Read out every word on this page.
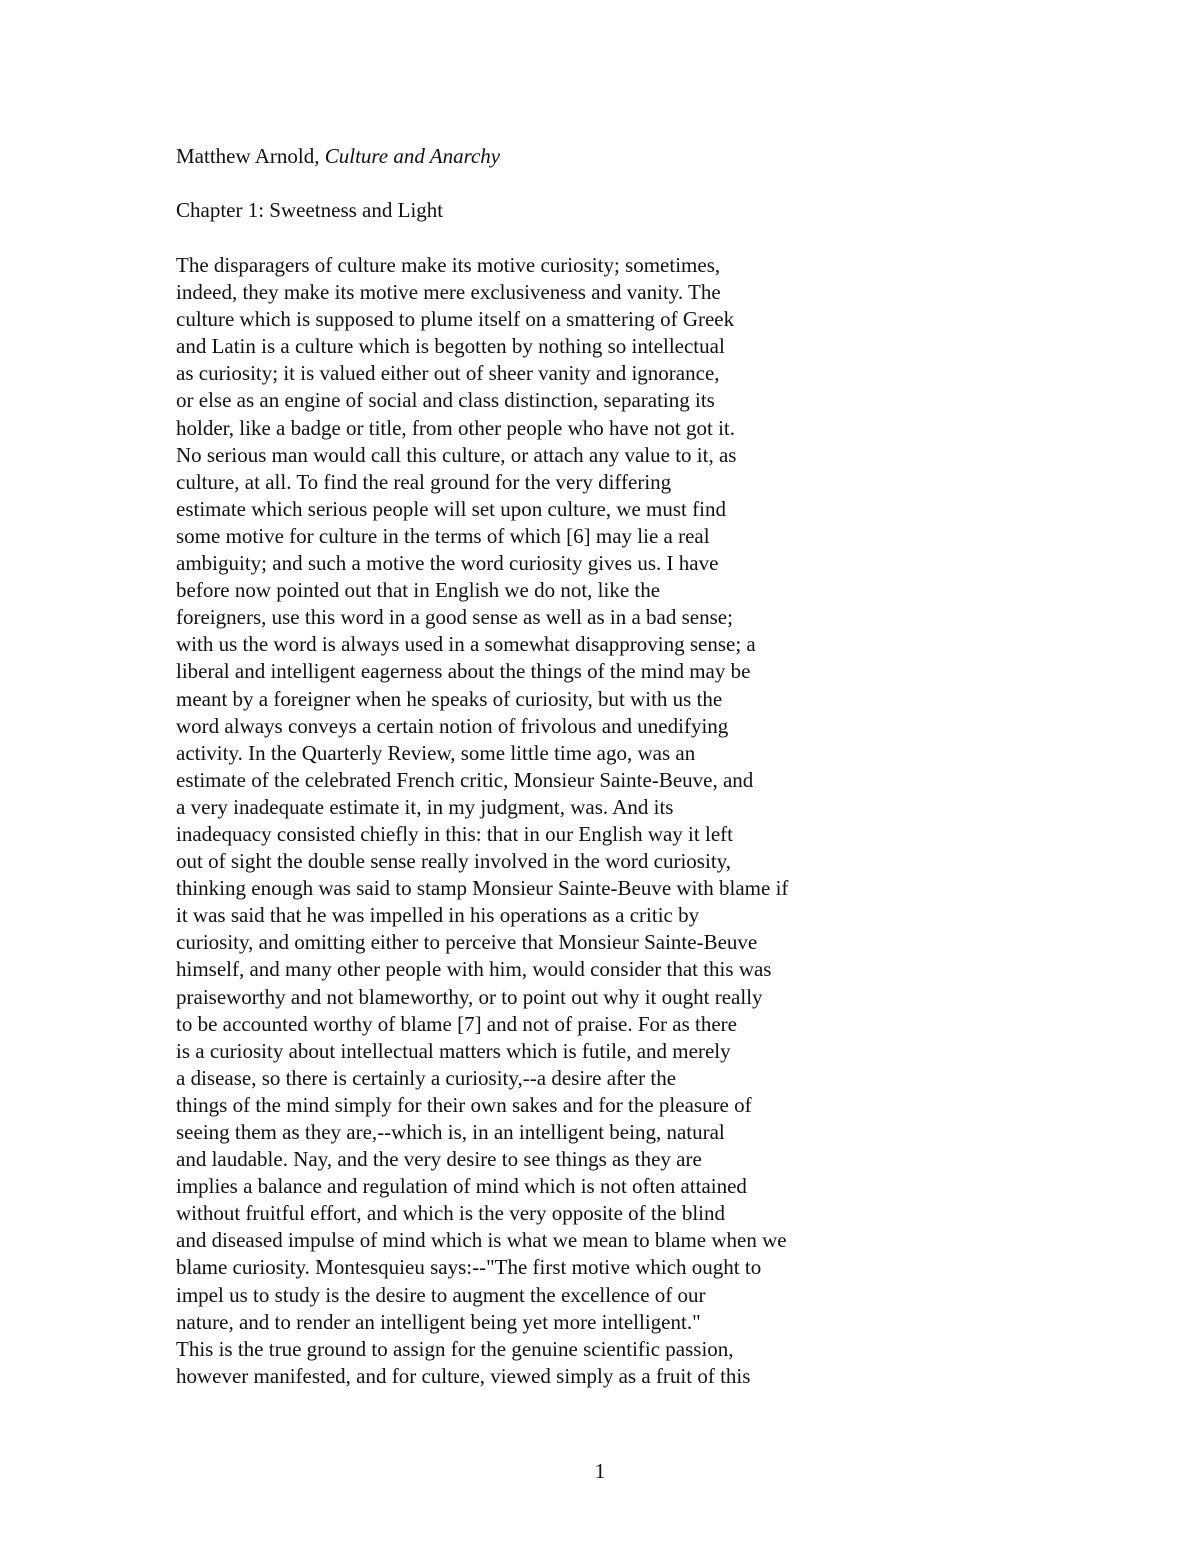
Matthew Arnold, Culture and Anarchy
Chapter 1: Sweetness and Light
The disparagers of culture make its motive curiosity; sometimes,
indeed, they make its motive mere exclusiveness and vanity. The
culture which is supposed to plume itself on a smattering of Greek
and Latin is a culture which is begotten by nothing so intellectual
as curiosity; it is valued either out of sheer vanity and ignorance,
or else as an engine of social and class distinction, separating its
holder, like a badge or title, from other people who have not got it.
No serious man would call this culture, or attach any value to it, as
culture, at all. To find the real ground for the very differing
estimate which serious people will set upon culture, we must find
some motive for culture in the terms of which [6] may lie a real
ambiguity; and such a motive the word curiosity gives us. I have
before now pointed out that in English we do not, like the
foreigners, use this word in a good sense as well as in a bad sense;
with us the word is always used in a somewhat disapproving sense; a
liberal and intelligent eagerness about the things of the mind may be
meant by a foreigner when he speaks of curiosity, but with us the
word always conveys a certain notion of frivolous and unedifying
activity. In the Quarterly Review, some little time ago, was an
estimate of the celebrated French critic, Monsieur Sainte-Beuve, and
a very inadequate estimate it, in my judgment, was. And its
inadequacy consisted chiefly in this: that in our English way it left
out of sight the double sense really involved in the word curiosity,
thinking enough was said to stamp Monsieur Sainte-Beuve with blame if
it was said that he was impelled in his operations as a critic by
curiosity, and omitting either to perceive that Monsieur Sainte-Beuve
himself, and many other people with him, would consider that this was
praiseworthy and not blameworthy, or to point out why it ought really
to be accounted worthy of blame [7] and not of praise. For as there
is a curiosity about intellectual matters which is futile, and merely
a disease, so there is certainly a curiosity,--a desire after the
things of the mind simply for their own sakes and for the pleasure of
seeing them as they are,--which is, in an intelligent being, natural
and laudable. Nay, and the very desire to see things as they are
implies a balance and regulation of mind which is not often attained
without fruitful effort, and which is the very opposite of the blind
and diseased impulse of mind which is what we mean to blame when we
blame curiosity. Montesquieu says:--"The first motive which ought to
impel us to study is the desire to augment the excellence of our
nature, and to render an intelligent being yet more intelligent."
This is the true ground to assign for the genuine scientific passion,
however manifested, and for culture, viewed simply as a fruit of this
1
